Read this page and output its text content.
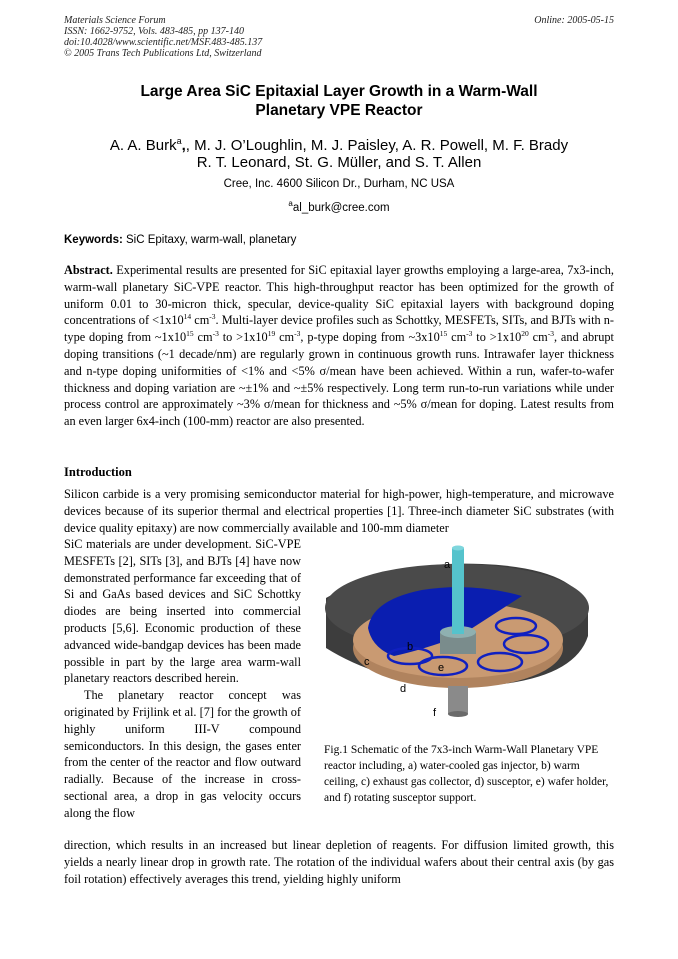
Materials Science Forum
ISSN: 1662-9752, Vols. 483-485, pp 137-140
doi:10.4028/www.scientific.net/MSF.483-485.137
© 2005 Trans Tech Publications Ltd, Switzerland
Online: 2005-05-15
Large Area SiC Epitaxial Layer Growth in a Warm-Wall
Planetary VPE Reactor
A. A. Burk$^a$,, M. J. O’Loughlin, M. J. Paisley, A. R. Powell, M. F. Brady
R. T. Leonard, St. G. Müller, and S. T. Allen
Cree, Inc. 4600 Silicon Dr., Durham, NC USA
$^a$al_burk@cree.com
Keywords: SiC Epitaxy, warm-wall, planetary
Abstract. Experimental results are presented for SiC epitaxial layer growths employing a large-area, 7x3-inch, warm-wall planetary SiC-VPE reactor. This high-throughput reactor has been optimized for the growth of uniform 0.01 to 30-micron thick, specular, device-quality SiC epitaxial layers with background doping concentrations of $<1x10^{14}$ $cm^{-3}$. Multi-layer device profiles such as Schottky, MESFETs, SITs, and BJTs with n-type doping from $\sim 1x10^{15}$ $cm^{-3}$ to $>1x10^{19}$ $cm^{-3}$, p-type doping from $\sim 3x10^{15}$ $cm^{-3}$ to $>1x10^{20}$ $cm^{-3}$, and abrupt doping transitions (~1 decade/nm) are regularly grown in continuous growth runs. Intrawafer layer thickness and n-type doping uniformities of <1% and <5% σ/mean have been achieved. Within a run, wafer-to-wafer thickness and doping variation are ~±1% and ~±5% respectively. Long term run-to-run variations while under process control are approximately ~3% σ/mean for thickness and ~5% σ/mean for doping. Latest results from an even larger 6x4-inch (100-mm) reactor are also presented.
Introduction
Silicon carbide is a very promising semiconductor material for high-power, high-temperature, and microwave devices because of its superior thermal and electrical properties [1]. Three-inch diameter SiC substrates (with device quality epitaxy) are now commercially available and 100-mm diameter
SiC materials are under development. SiC-VPE MESFETs [2], SITs [3], and BJTs [4] have now demonstrated performance far exceeding that of Si and GaAs based devices and SiC Schottky diodes are being inserted into commercial products [5,6]. Economic production of these advanced wide-bandgap devices has been made possible in part by the large area warm-wall planetary reactors described herein.
The planetary reactor concept was originated by Frijlink et al. [7] for the growth of highly uniform III-V compound semiconductors. In this design, the gases enter from the center of the reactor and flow outward radially. Because of the increase in cross-sectional area, a drop in gas velocity occurs along the flow
a
b
c
d
e
f
Fig.1 Schematic of the 7x3-inch Warm-Wall Planetary VPE reactor including, a) water-cooled gas injector, b) warm ceiling, c) exhaust gas collector, d) susceptor, e) wafer holder, and f) rotating susceptor support.
direction, which results in an increased but linear depletion of reagents. For diffusion limited growth, this yields a nearly linear drop in growth rate. The rotation of the individual wafers about their central axis (by gas foil rotation) effectively averages this trend, yielding highly uniform
